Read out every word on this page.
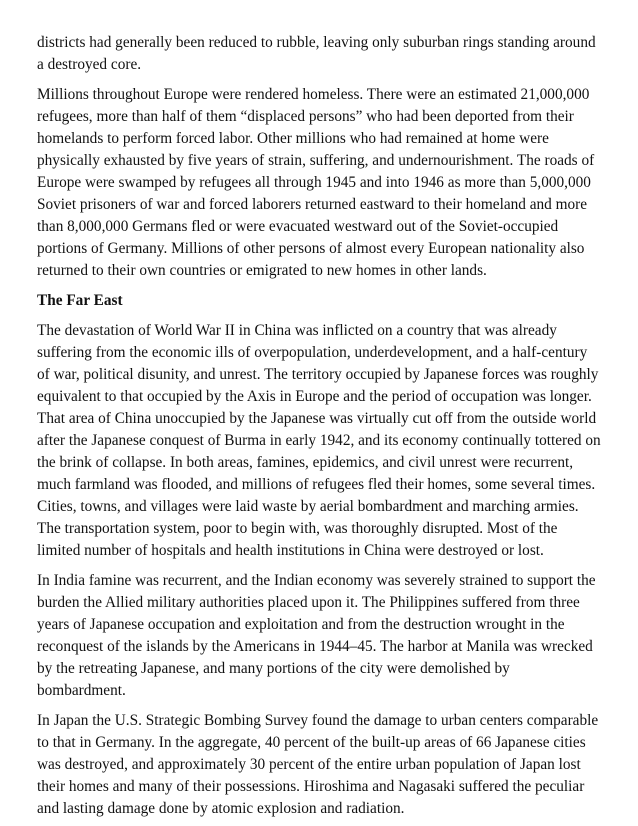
districts had generally been reduced to rubble, leaving only suburban rings standing around a destroyed core.

Millions throughout Europe were rendered homeless. There were an estimated 21,000,000 refugees, more than half of them “displaced persons” who had been deported from their homelands to perform forced labor. Other millions who had remained at home were physically exhausted by five years of strain, suffering, and undernourishment. The roads of Europe were swamped by refugees all through 1945 and into 1946 as more than 5,000,000 Soviet prisoners of war and forced laborers returned eastward to their homeland and more than 8,000,000 Germans fled or were evacuated westward out of the Soviet-occupied portions of Germany. Millions of other persons of almost every European nationality also returned to their own countries or emigrated to new homes in other lands.

The Far East

The devastation of World War II in China was inflicted on a country that was already suffering from the economic ills of overpopulation, underdevelopment, and a half-century of war, political disunity, and unrest. The territory occupied by Japanese forces was roughly equivalent to that occupied by the Axis in Europe and the period of occupation was longer. That area of China unoccupied by the Japanese was virtually cut off from the outside world after the Japanese conquest of Burma in early 1942, and its economy continually tottered on the brink of collapse. In both areas, famines, epidemics, and civil unrest were recurrent, much farmland was flooded, and millions of refugees fled their homes, some several times. Cities, towns, and villages were laid waste by aerial bombardment and marching armies. The transportation system, poor to begin with, was thoroughly disrupted. Most of the limited number of hospitals and health institutions in China were destroyed or lost.

In India famine was recurrent, and the Indian economy was severely strained to support the burden the Allied military authorities placed upon it. The Philippines suffered from three years of Japanese occupation and exploitation and from the destruction wrought in the reconquest of the islands by the Americans in 1944–45. The harbor at Manila was wrecked by the retreating Japanese, and many portions of the city were demolished by bombardment.

In Japan the U.S. Strategic Bombing Survey found the damage to urban centers comparable to that in Germany. In the aggregate, 40 percent of the built-up areas of 66 Japanese cities was destroyed, and approximately 30 percent of the entire urban population of Japan lost their homes and many of their possessions. Hiroshima and Nagasaki suffered the peculiar and lasting damage done by atomic explosion and radiation.
